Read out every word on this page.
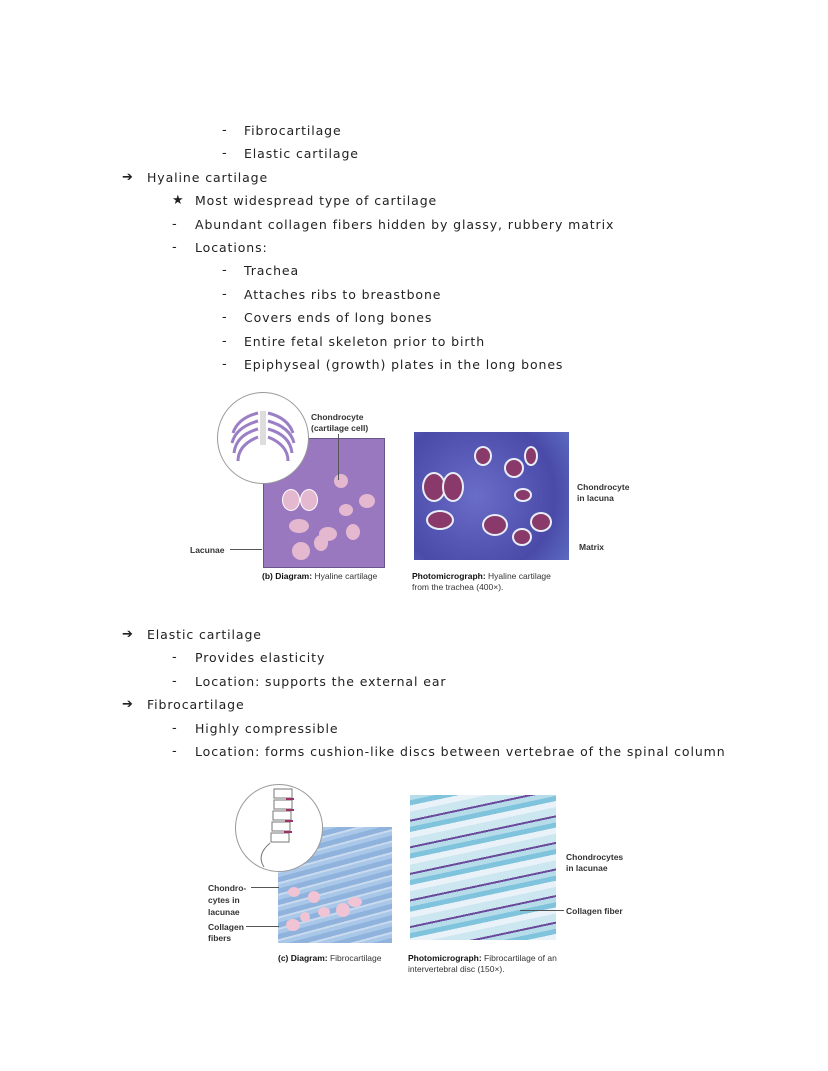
- Fibrocartilage
- Elastic cartilage
➔ Hyaline cartilage
★ Most widespread type of cartilage
- Abundant collagen fibers hidden by glassy, rubbery matrix
- Locations:
- Trachea
- Attaches ribs to breastbone
- Covers ends of long bones
- Entire fetal skeleton prior to birth
- Epiphyseal (growth) plates in the long bones
➔ Elastic cartilage
- Provides elasticity
- Location: supports the external ear
➔ Fibrocartilage
- Highly compressible
- Location: forms cushion-like discs between vertebrae of the spinal column
Chondrocyte
(cartilage cell)
Lacunae
Chondrocyte
in lacuna
Matrix
(b) Diagram: Hyaline cartilage	Photomicrograph: Hyaline cartilage
from the trachea (400×).
Chondro-
cytes in
lacunae
Collagen
fibers
Chondrocytes
in lacunae
Collagen fiber
(c) Diagram: Fibrocartilage	Photomicrograph: Fibrocartilage of an
intervertebral disc (150×).
